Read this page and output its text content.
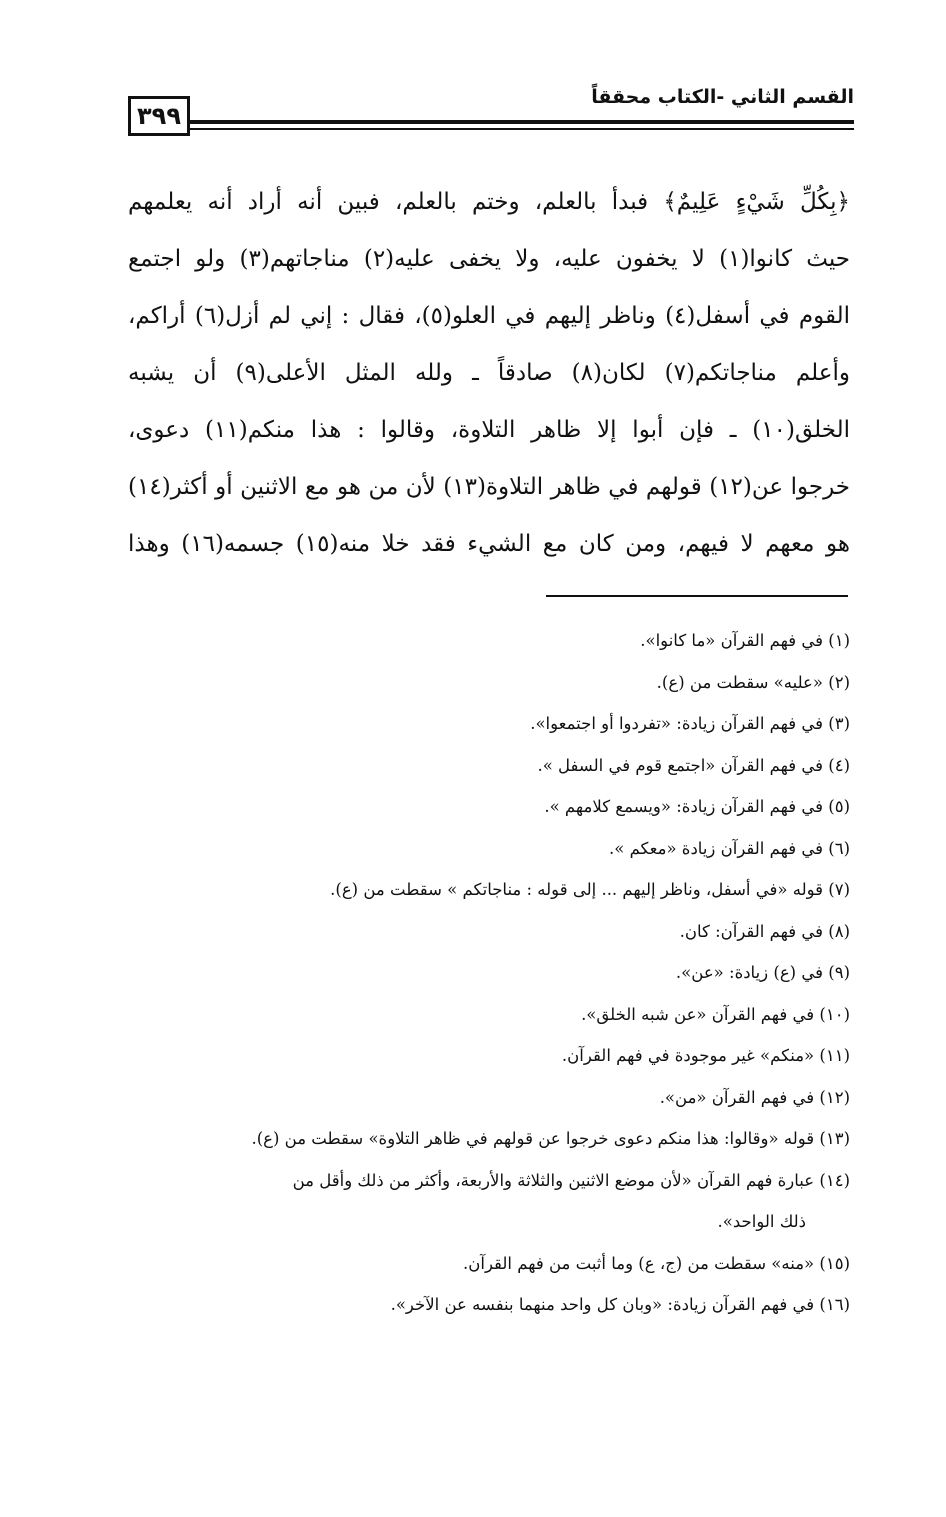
٣٩٩
القسم الثاني -الكتاب محققاً
﴿بِكُلِّ شَيْءٍ عَلِيمٌ﴾ فبدأ بالعلم، وختم بالعلم، فبين أنه أراد أنه يعلمهم
حيث كانوا(١) لا يخفون عليه، ولا يخفى عليه(٢) مناجاتهم(٣) ولو اجتمع
القوم في أسفل(٤) وناظر إليهم في العلو(٥)، فقال : إني لم أزل(٦) أراكم،
وأعلم مناجاتكم(٧) لكان(٨) صادقاً ـ ولله المثل الأعلى(٩) أن يشبه
الخلق(١٠) ـ فإن أبوا إلا ظاهر التلاوة، وقالوا : هذا منكم(١١) دعوى،
خرجوا عن(١٢) قولهم في ظاهر التلاوة(١٣) لأن من هو مع الاثنين أو أكثر(١٤)
هو معهم لا فيهم، ومن كان مع الشيء فقد خلا منه(١٥) جسمه(١٦) وهذا
(١) في فهم القرآن «ما كانوا».
(٢) «عليه» سقطت من (ع).
(٣) في فهم القرآن زيادة: «تفردوا أو اجتمعوا».
(٤) في فهم القرآن «اجتمع قوم في السفل ».
(٥) في فهم القرآن زيادة: «ويسمع كلامهم ».
(٦) في فهم القرآن زيادة «معكم ».
(٧) قوله «في أسفل، وناظر إليهم ... إلى قوله : مناجاتكم » سقطت من (ع).
(٨) في فهم القرآن: كان.
(٩) في (ع) زيادة: «عن».
(١٠) في فهم القرآن «عن شبه الخلق».
(١١) «منكم» غير موجودة في فهم القرآن.
(١٢) في فهم القرآن «من».
(١٣) قوله «وقالوا: هذا منكم دعوى خرجوا عن قولهم في ظاهر التلاوة» سقطت من (ع).
(١٤) عبارة فهم القرآن «لأن موضع الاثنين والثلاثة والأربعة، وأكثر من ذلك وأقل من
ذلك الواحد».
(١٥) «منه» سقطت من (ج، ع) وما أثبت من فهم القرآن.
(١٦) في فهم القرآن زيادة: «وبان كل واحد منهما بنفسه عن الآخر».
